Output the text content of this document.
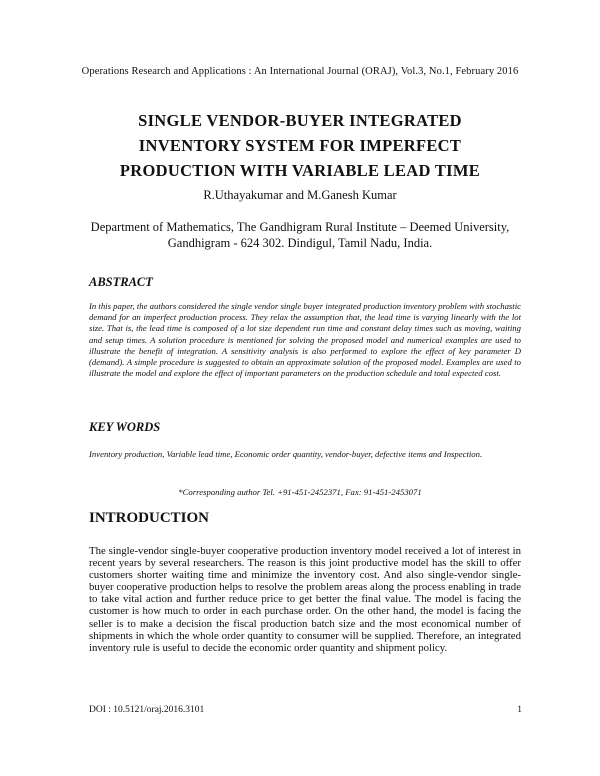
Operations Research and Applications : An International Journal (ORAJ), Vol.3, No.1, February 2016
SINGLE VENDOR-BUYER INTEGRATED
INVENTORY SYSTEM FOR IMPERFECT
PRODUCTION WITH VARIABLE LEAD TIME
R.Uthayakumar and M.Ganesh Kumar
Department of Mathematics, The Gandhigram Rural Institute – Deemed University,
Gandhigram - 624 302. Dindigul, Tamil Nadu, India.
ABSTRACT
In this paper, the authors considered the single vendor single buyer integrated production inventory problem with stochastic demand for an imperfect production process. They relax the assumption that, the lead time is varying linearly with the lot size. That is, the lead time is composed of a lot size dependent run time and constant delay times such as moving, waiting and setup times. A solution procedure is mentioned for solving the proposed model and numerical examples are used to illustrate the benefit of integration. A sensitivity analysis is also performed to explore the effect of key parameter D (demand). A simple procedure is suggested to obtain an approximate solution of the proposed model. Examples are used to illustrate the model and explore the effect of important parameters on the production schedule and total expected cost.
KEY WORDS
Inventory production, Variable lead time, Economic order quantity, vendor-buyer, defective items and Inspection.
*Corresponding author Tel. +91-451-2452371, Fax: 91-451-2453071
INTRODUCTION
The single-vendor single-buyer cooperative production inventory model received a lot of interest in recent years by several researchers. The reason is this joint productive model has the skill to offer customers shorter waiting time and minimize the inventory cost. And also single-vendor single-buyer cooperative production helps to resolve the problem areas along the process enabling in trade to take vital action and further reduce price to get better the final value. The model is facing the customer is how much to order in each purchase order. On the other hand, the model is facing the seller is to make a decision the fiscal production batch size and the most economical number of shipments in which the whole order quantity to consumer will be supplied. Therefore, an integrated inventory rule is useful to decide the economic order quantity and shipment policy.
DOI : 10.5121/oraj.2016.3101	1
